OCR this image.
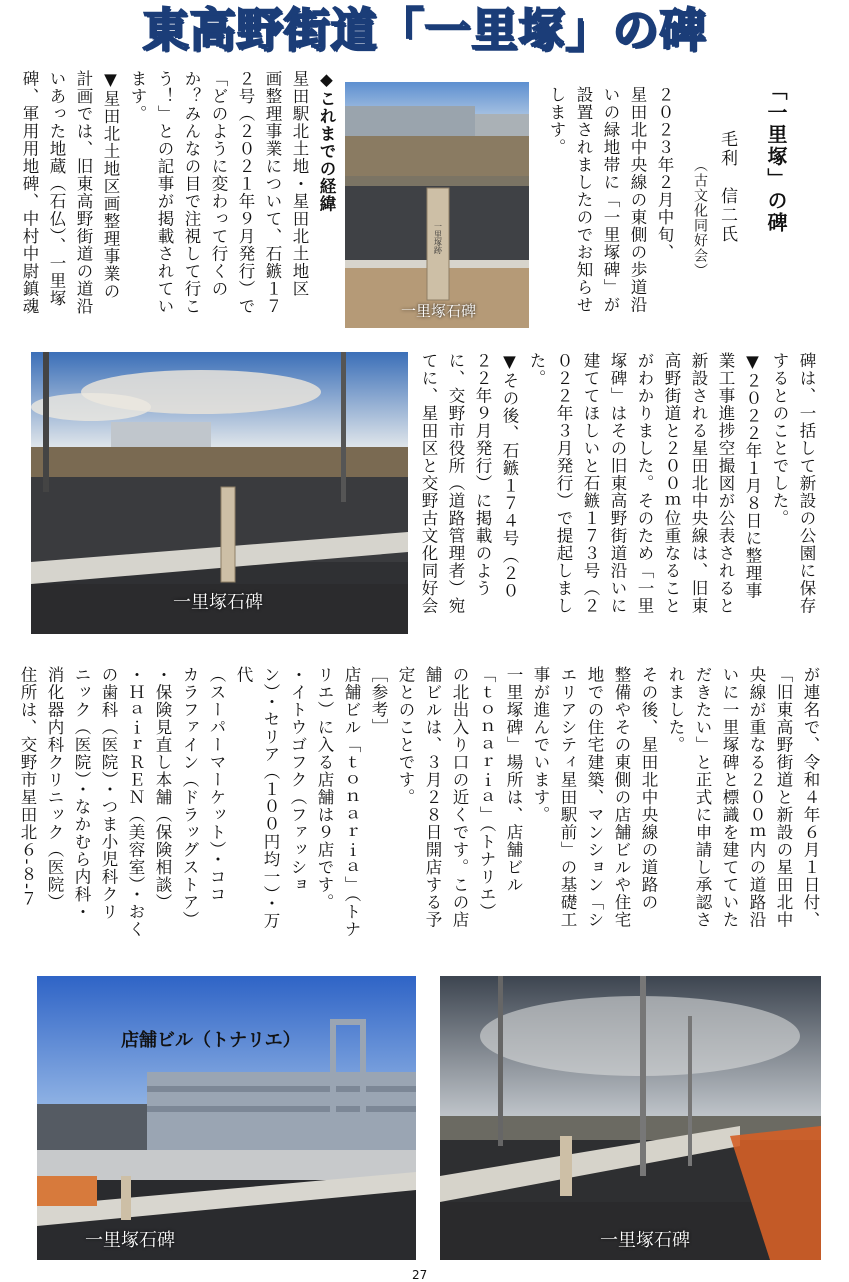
東高野街道「一里塚」の碑
「一里塚」の碑
毛利　信二氏
（古文化同好会）

２０２３年２月中旬、

星田北中央線の東側の歩道沿

いの緑地帯に「一里塚碑」が

設置されましたのでお知らせ

します。

◆これまでの経緯

星田駅北土地・星田北土地区

画整理事業について、石鏃１７

２号（２０２１年９月発行）で

「どのように変わって行くの

か？みんなの目で注視して行こ

う！」との記事が掲載されてい

ます。

▼星田北土地区画整理事業の

計画では、旧東高野街道の道沿

いあった地蔵（石仏）、一里塚

碑、軍用用地碑、中村中尉鎮魂

碑は、一括して新設の公園に保存

するとのことでした。

▼２０２２年１月８日に整理事

業工事進捗空撮図が公表されると

新設される星田北中央線は、旧東

高野街道と２００ｍ位重なること

がわかりました。そのため「一里

塚碑」はその旧東高野街道沿いに

建ててほしいと石鏃１７３号（２

０２２年３月発行）で提起しまし

た。

▼その後、石鏃１７４号（２０

２２年９月発行）に掲載のよう

に、交野市役所（道路管理者）宛

てに、星田区と交野古文化同好会

が連名で、令和４年６月１日付、

「旧東高野街道と新設の星田北中

央線が重なる２００ｍ内の道路沿

いに一里塚碑と標識を建てていた

だきたい」と正式に申請し承認さ

れました。

その後、星田北中央線の道路の

整備やその東側の店舗ビルや住宅

地での住宅建築、マンション「シ

エリアシティ星田駅前」の基礎工

事が進んでいます。

一里塚碑」場所は、店舗ビル

「ｔｏｎａｒｉａ」（トナリエ）

の北出入り口の近くです。この店

舗ビルは、３月２８日開店する予

定とのことです。

［参考］

店舗ビル「ｔｏｎａｒｉａ」（トナ

リエ）に入る店舗は９店です。

・イトウゴフク（ファッショ

ン）・セリア（１００円均一）・万代

（スーパーマーケット）・ココ

カラファイン（ドラッグストア）

・保険見直し本舗（保険相談）

・ＨａｉｒＲＥＮ（美容室）・おく

の歯科（医院）・つま小児科クリ

ニック（医院）・なかむら内科・

消化器内科クリニック（医院）

住所は、交野市星田北６-８-７

一里塚跡
一里塚石碑
一里塚石碑
店舗ビル（トナリエ）
一里塚石碑	一里塚石碑
27
